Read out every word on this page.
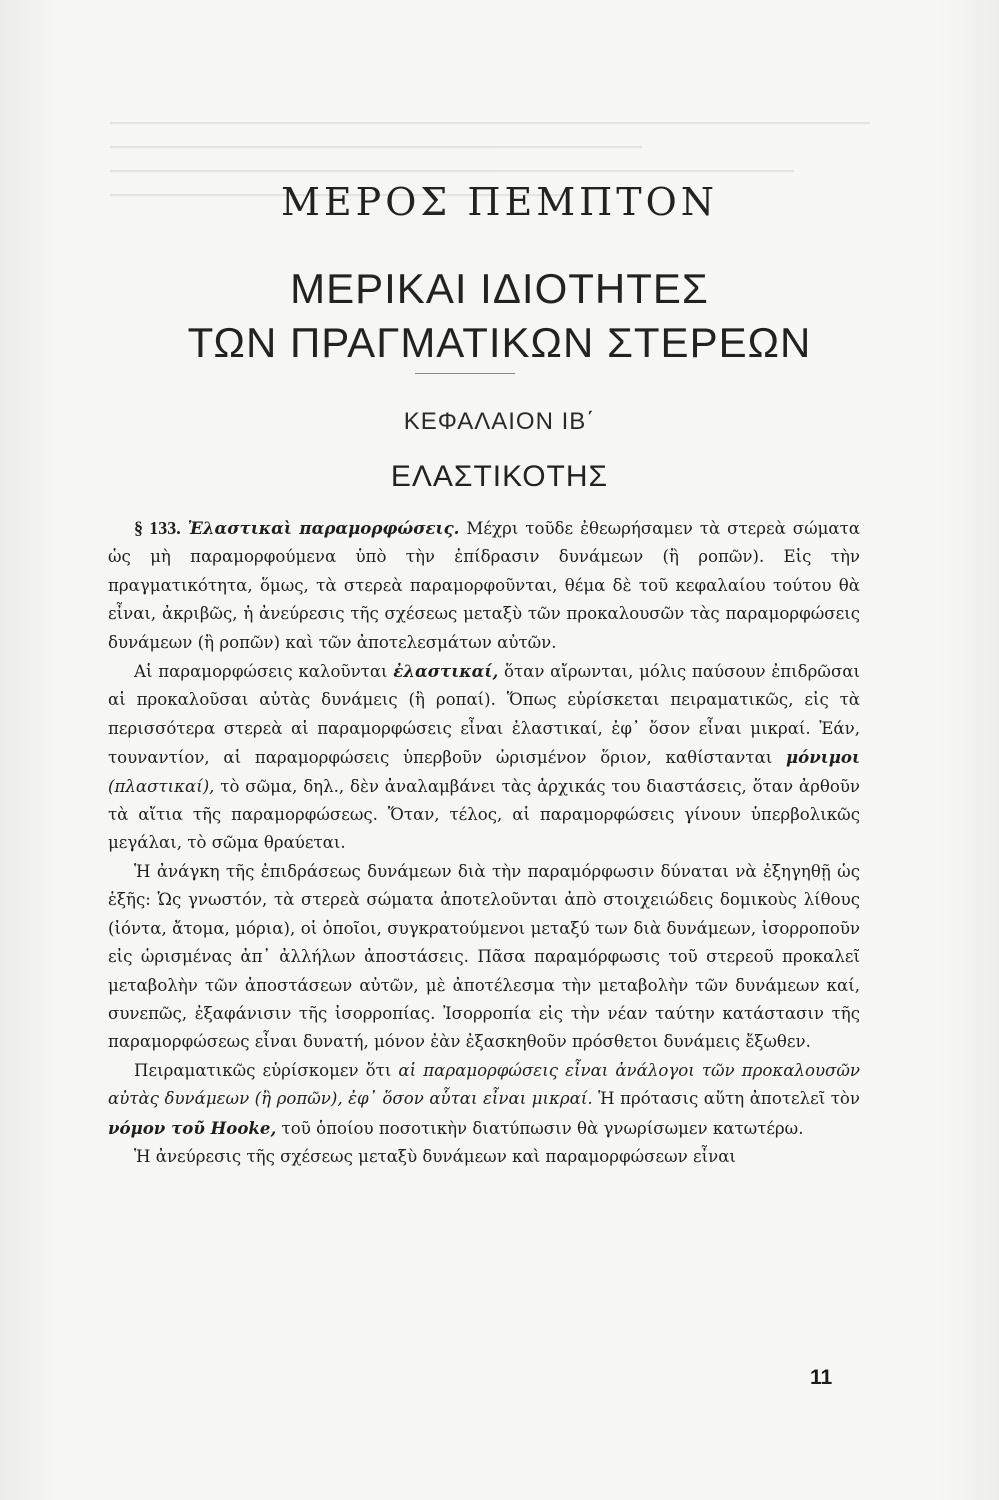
ΜΕΡΟΣ ΠΕΜΠΤΟΝ
ΜΕΡΙΚΑΙ ΙΔΙΟΤΗΤΕΣ
ΤΩΝ ΠΡΑΓΜΑΤΙΚΩΝ ΣΤΕΡΕΩΝ
ΚΕΦΑΛΑΙΟΝ ΙΒ΄
ΕΛΑΣΤΙΚΟΤΗΣ

§ 133. Ἐλαστικαὶ παραμορφώσεις. Μέχρι τοῦδε ἐθεωρήσαμεν τὰ στερεὰ σώματα ὡς μὴ παραμορφούμενα ὑπὸ τὴν ἐπίδρασιν δυνάμεων (ἢ ροπῶν). Εἰς τὴν πραγματικότητα, ὅμως, τὰ στερεὰ παραμορφοῦνται, θέμα δὲ τοῦ κεφαλαίου τούτου θὰ εἶναι, ἀκριβῶς, ἡ ἀνεύρεσις τῆς σχέσεως μεταξὺ τῶν προκαλουσῶν τὰς παραμορφώσεις δυνάμεων (ἢ ροπῶν) καὶ τῶν ἀποτελεσμάτων αὐτῶν.

Αἱ παραμορφώσεις καλοῦνται ἐλαστικαί, ὅταν αἴρωνται, μόλις παύσουν ἐπιδρῶσαι αἱ προκαλοῦσαι αὐτὰς δυνάμεις (ἢ ροπαί). Ὅπως εὑρίσκεται πειραματικῶς, εἰς τὰ περισσότερα στερεὰ αἱ παραμορφώσεις εἶναι ἐλαστικαί, ἐφ᾿ ὅσον εἶναι μικραί. Ἐάν, τουναντίον, αἱ παραμορφώσεις ὑπερβοῦν ὡρισμένον ὅριον, καθίστανται μόνιμοι (πλαστικαί), τὸ σῶμα, δηλ., δὲν ἀναλαμβάνει τὰς ἀρχικάς του διαστάσεις, ὅταν ἀρθοῦν τὰ αἴτια τῆς παραμορφώσεως. Ὅταν, τέλος, αἱ παραμορφώσεις γίνουν ὑπερβολικῶς μεγάλαι, τὸ σῶμα θραύεται.

Ἡ ἀνάγκη τῆς ἐπιδράσεως δυνάμεων διὰ τὴν παραμόρφωσιν δύναται νὰ ἐξηγηθῇ ὡς ἑξῆς: Ὡς γνωστόν, τὰ στερεὰ σώματα ἀποτελοῦνται ἀπὸ στοιχειώδεις δομικοὺς λίθους (ἰόντα, ἄτομα, μόρια), οἱ ὁποῖοι, συγκρατούμενοι μεταξύ των διὰ δυνάμεων, ἰσορροποῦν εἰς ὡρισμένας ἀπ᾿ ἀλλήλων ἀποστάσεις. Πᾶσα παραμόρφωσις τοῦ στερεοῦ προκαλεῖ μεταβολὴν τῶν ἀποστάσεων αὐτῶν, μὲ ἀποτέλεσμα τὴν μεταβολὴν τῶν δυνάμεων καί, συνεπῶς, ἐξαφάνισιν τῆς ἰσορροπίας. Ἰσορροπία εἰς τὴν νέαν ταύτην κατάστασιν τῆς παραμορφώσεως εἶναι δυνατή, μόνον ἐὰν ἐξασκηθοῦν πρόσθετοι δυνάμεις ἔξωθεν.

Πειραματικῶς εὑρίσκομεν ὅτι αἱ παραμορφώσεις εἶναι ἀνάλογοι τῶν προκαλουσῶν αὐτὰς δυνάμεων (ἢ ροπῶν), ἐφ᾿ ὅσον αὗται εἶναι μικραί. Ἡ πρότασις αὕτη ἀποτελεῖ τὸν νόμον τοῦ Hooke, τοῦ ὁποίου ποσοτικὴν διατύπωσιν θὰ γνωρίσωμεν κατωτέρω.

Ἡ ἀνεύρεσις τῆς σχέσεως μεταξὺ δυνάμεων καὶ παραμορφώσεων εἶναι

11
